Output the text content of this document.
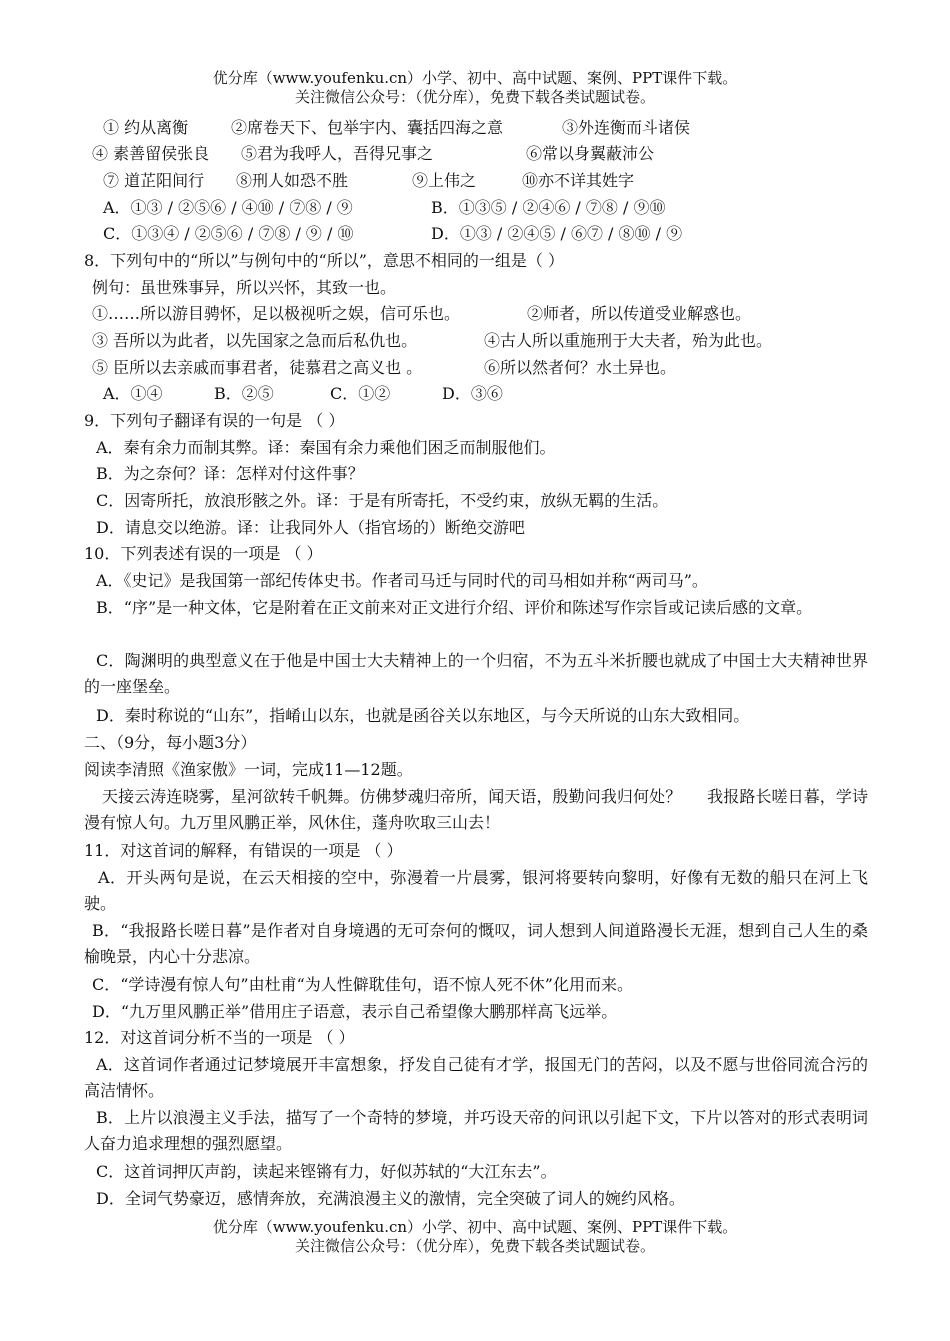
优分库（www.youfenku.cn）小学、初中、高中试题、案例、PPT课件下载。
关注微信公众号：（优分库），免费下载各类试题试卷。
① 约从离衡	②席卷天下、包举宇内、囊括四海之意	③外连衡而斗诸侯
④ 素善留侯张良 ⑤君为我呼人，吾得兄事之	⑥常以身翼蔽沛公
⑦ 道芷阳间行 ⑧刑人如恐不胜	⑨上伟之	⑩亦不详其姓字
A．①③ / ②⑤⑥ / ④⑩ / ⑦⑧ / ⑨	B．①③⑤ / ②④⑥ / ⑦⑧ / ⑨⑩
C．①③④ / ②⑤⑥ / ⑦⑧ / ⑨ / ⑩	D．①③ / ②④⑤ / ⑥⑦ / ⑧⑩ / ⑨
8．下列句中的“所以”与例句中的“所以”，意思不相同的一组是（ ）
例句：虽世殊事异，所以兴怀，其致一也。
①……所以游目骋怀，足以极视听之娱，信可乐也。	②师者，所以传道受业解惑也。
③ 吾所以为此者，以先国家之急而后私仇也。	④古人所以重施刑于大夫者，殆为此也。
⑤ 臣所以去亲戚而事君者，徒慕君之高义也 。	⑥所以然者何？水土异也。
A．①④	B．②⑤	C．①②	D．③⑥
9．下列句子翻译有误的一句是 （ ）
A．秦有余力而制其弊。译：秦国有余力乘他们困乏而制服他们。
B．为之奈何？译：怎样对付这件事？
C．因寄所托，放浪形骸之外。译：于是有所寄托，不受约束，放纵无羁的生活。
D．请息交以绝游。译：让我同外人（指官场的）断绝交游吧
10．下列表述有误的一项是 （ ）
A．《史记》是我国第一部纪传体史书。作者司马迁与同时代的司马相如并称“两司马”。
B．“序”是一种文体，它是附着在正文前来对正文进行介绍、评价和陈述写作宗旨或记读后感的文章。
C．陶渊明的典型意义在于他是中国士大夫精神上的一个归宿，不为五斗米折腰也就成了中国士大夫精神世界的一座堡垒。
D．秦时称说的“山东”，指崤山以东，也就是函谷关以东地区，与今天所说的山东大致相同。
二、（9分，每小题3分）
阅读李清照《渔家傲》一词，完成11—12题。
天接云涛连晓雾，星河欲转千帆舞。仿佛梦魂归帝所，闻天语，殷勤问我归何处？     我报路长嗟日暮，学诗漫有惊人句。九万里风鹏正举，风休住，蓬舟吹取三山去！
11．对这首词的解释，有错误的一项是 （ ）
A．开头两句是说，在云天相接的空中，弥漫着一片晨雾，银河将要转向黎明，好像有无数的船只在河上飞驶。
B．“我报路长嗟日暮”是作者对自身境遇的无可奈何的慨叹，词人想到人间道路漫长无涯，想到自己人生的桑榆晚景，内心十分悲凉。
C．“学诗漫有惊人句”由杜甫“为人性僻耽佳句，语不惊人死不休”化用而来。
D．“九万里风鹏正举”借用庄子语意，表示自己希望像大鹏那样高飞远举。
12．对这首词分析不当的一项是 （ ）
A．这首词作者通过记梦境展开丰富想象，抒发自己徒有才学，报国无门的苦闷，以及不愿与世俗同流合污的高洁情怀。
B．上片以浪漫主义手法，描写了一个奇特的梦境，并巧设天帝的问讯以引起下文，下片以答对的形式表明词人奋力追求理想的强烈愿望。
C．这首词押仄声韵，读起来铿锵有力，好似苏轼的“大江东去”。
D．全词气势豪迈，感情奔放，充满浪漫主义的激情，完全突破了词人的婉约风格。
优分库（www.youfenku.cn）小学、初中、高中试题、案例、PPT课件下载。
关注微信公众号：（优分库），免费下载各类试题试卷。
